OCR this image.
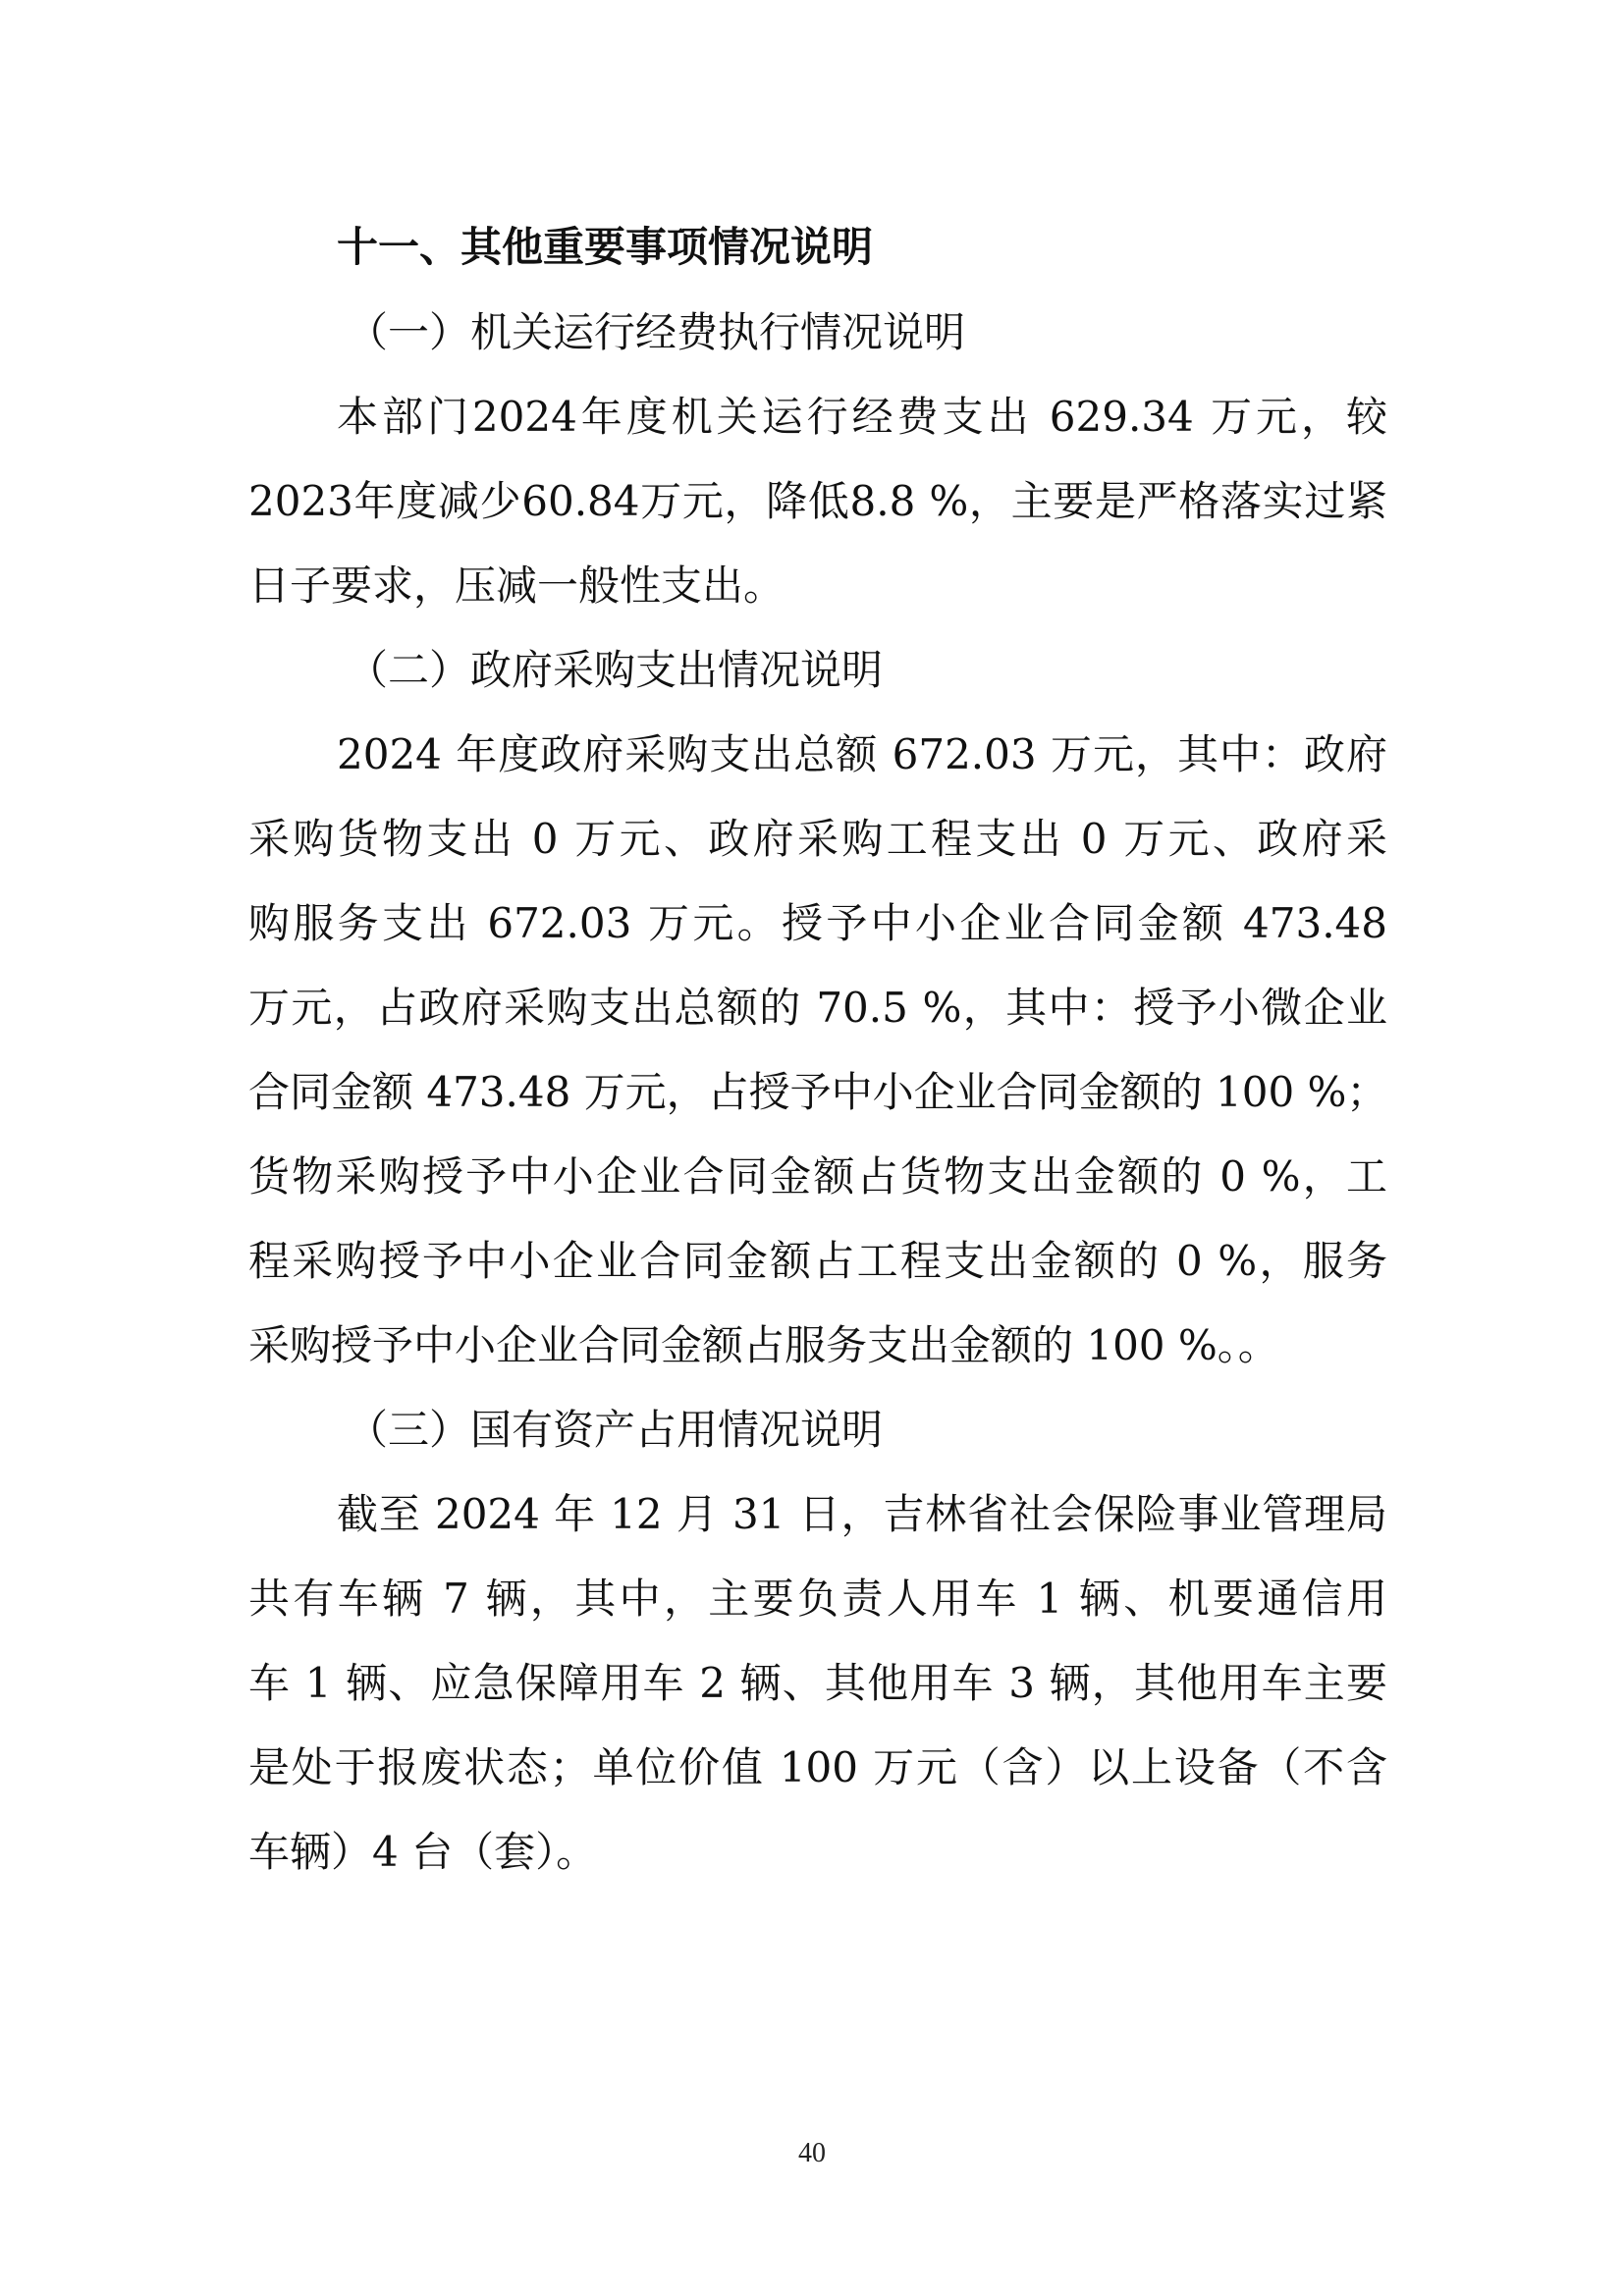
十一、其他重要事项情况说明
（一）机关运行经费执行情况说明
本部门2024年度机关运行经费支出 629.34 万元，较
2023年度减少60.84万元，降低8.8 %，主要是严格落实过紧
日子要求，压减一般性支出。
（二）政府采购支出情况说明
2024 年度政府采购支出总额 672.03 万元，其中：政府
采购货物支出 0 万元、政府采购工程支出 0 万元、政府采
购服务支出 672.03 万元。授予中小企业合同金额 473.48
万元，占政府采购支出总额的 70.5 %，其中：授予小微企业
合同金额 473.48 万元，占授予中小企业合同金额的 100 %；
货物采购授予中小企业合同金额占货物支出金额的 0 %，工
程采购授予中小企业合同金额占工程支出金额的 0 %，服务
采购授予中小企业合同金额占服务支出金额的 100 %。。
（三）国有资产占用情况说明
截至 2024 年 12 月 31 日，吉林省社会保险事业管理局
共有车辆 7 辆，其中，主要负责人用车 1 辆、机要通信用
车 1 辆、应急保障用车 2 辆、其他用车 3 辆，其他用车主要
是处于报废状态；单位价值 100 万元（含）以上设备（不含
车辆）4 台（套）。
40
